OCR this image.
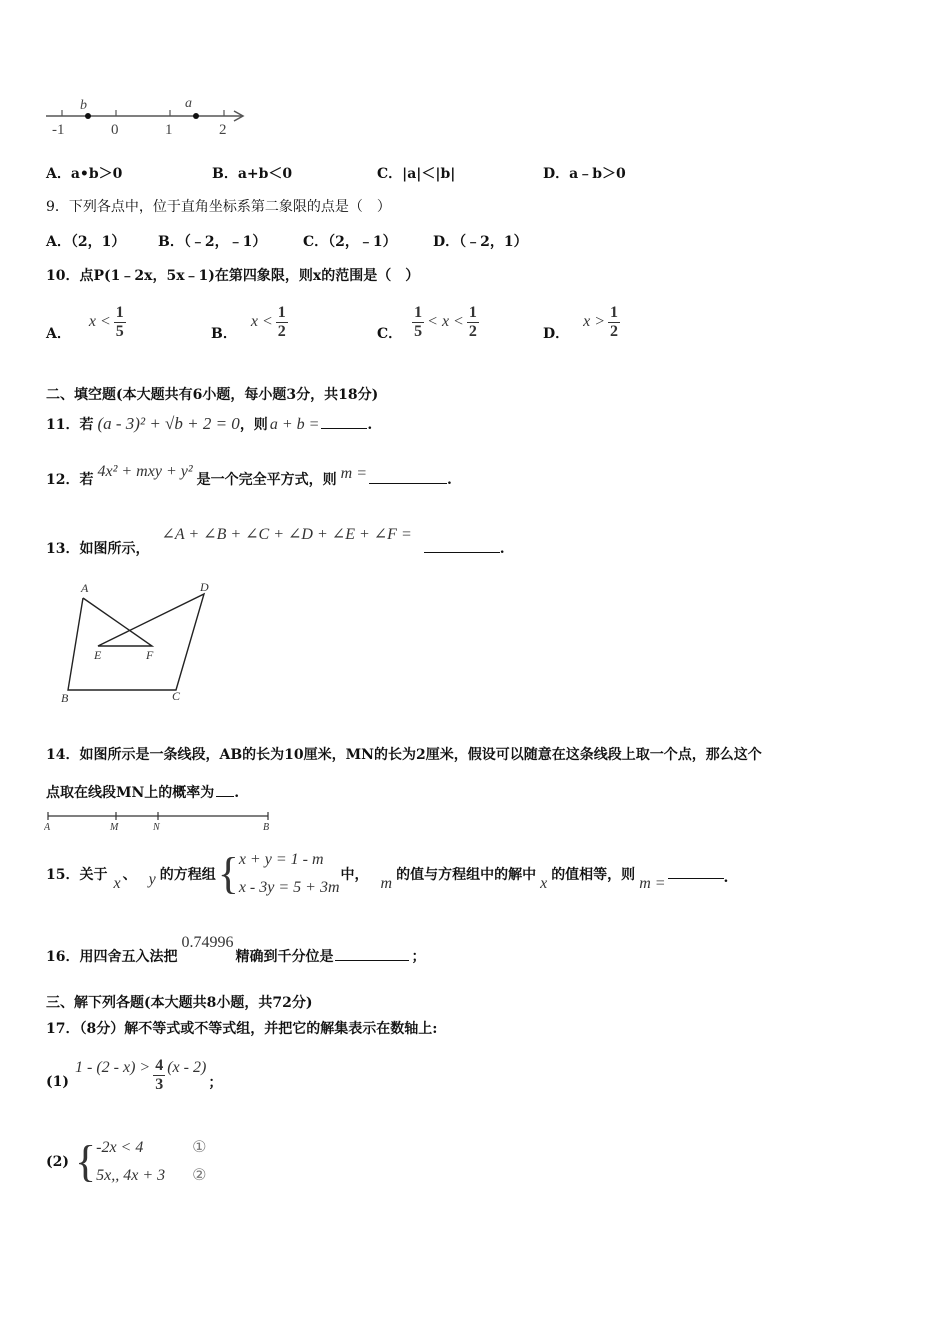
b	a
-1	0	1	2
A．a•b＞0	B．a+b＜0	C．|a|＜|b|	D．a﹣b＞0
9．下列各点中，位于直角坐标系第二象限的点是（　）
A．（2，1） B．（﹣2，﹣1）	C．（2，﹣1）	D．（﹣2，1）
10．点P(1﹣2x，5x﹣1)在第四象限，则x的范围是（　）
A．
$x < \frac{1}{5}$	B．
$x < \frac{1}{2}$	C． $\frac{1}{5} < x < \frac{1}{2}$	D．
$x > \frac{1}{2}$
二、填空题(本大题共有6小题，每小题3分，共18分)
11．若 (a - 3)² + √b + 2 = 0 ，则 a + b =	.
12．若 4x² + mxy + y² 是一个完全平方式，则 m =	.
13．如图所示，
∠A + ∠B + ∠C + ∠D + ∠E + ∠F =
.
A	D
E	F
B	C
14．如图所示是一条线段，AB的长为10厘米，MN的长为2厘米，假设可以随意在这条线段上取一个点，那么这个
点取在线段MN上的概率为 .
A	M	N	B
15．关于 x 、 y 的方程组 { x + y = 1 - m
x - 3y = 5 + 3m
中， m 的值与方程组中的解中 x 的值相等，则 m =	.
16．用四舍五入法把
0.74996
精确到千分位是	；
三、解下列各题(本大题共8小题，共72分)
17．（8分）解不等式或不等式组，并把它的解集表示在数轴上:
(1)
$1 - (2 - x) > \frac{4}{3} (x - 2)$
；
(2) { -2x < 4	①
5x,, 4x + 3	②
